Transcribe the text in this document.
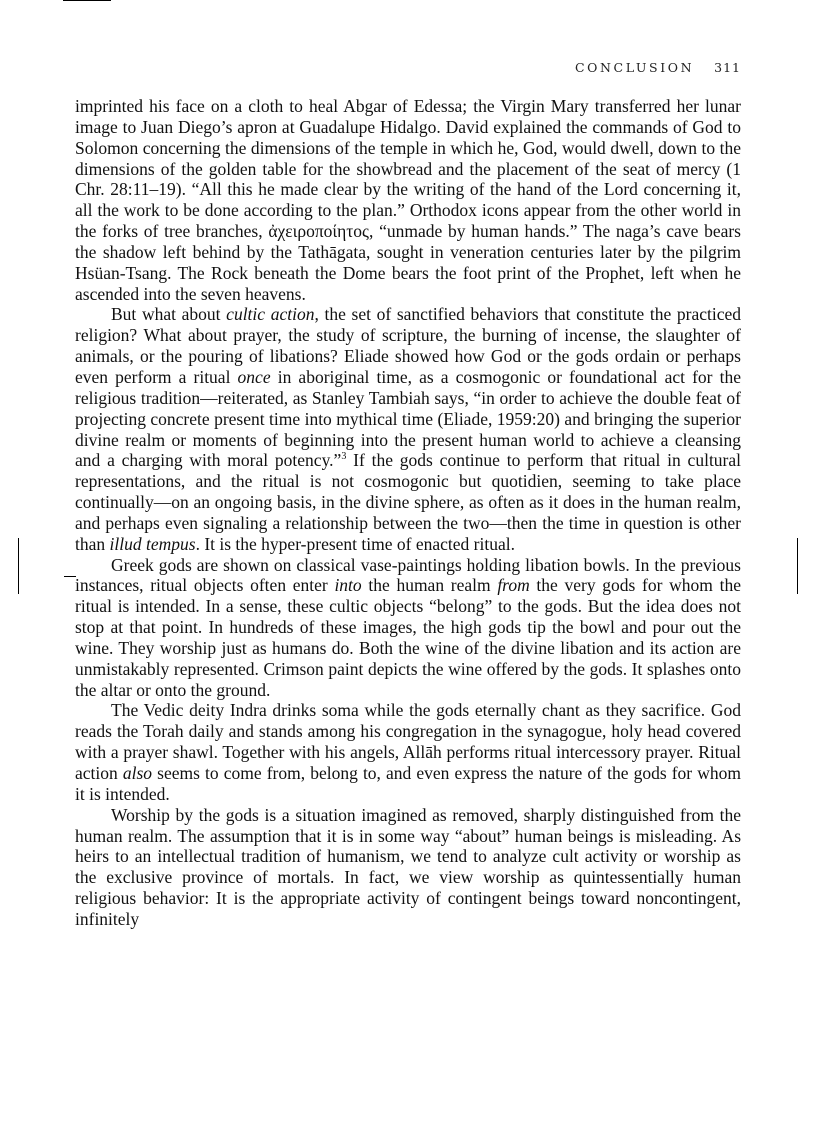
CONCLUSION 311

imprinted his face on a cloth to heal Abgar of Edessa; the Virgin Mary transferred her lunar image to Juan Diego’s apron at Guadalupe Hidalgo. David explained the commands of God to Solomon concerning the dimensions of the temple in which he, God, would dwell, down to the dimensions of the golden table for the showbread and the placement of the seat of mercy (1 Chr. 28:11–19). “All this he made clear by the writing of the hand of the Lord concerning it, all the work to be done according to the plan.” Orthodox icons appear from the other world in the forks of tree branches, ἀχειροποίητος, “unmade by human hands.” The naga’s cave bears the shadow left behind by the Tathāgata, sought in veneration centuries later by the pilgrim Hsüan-Tsang. The Rock beneath the Dome bears the foot print of the Prophet, left when he ascended into the seven heavens.

But what about cultic action, the set of sanctified behaviors that constitute the practiced religion? What about prayer, the study of scripture, the burning of incense, the slaughter of animals, or the pouring of libations? Eliade showed how God or the gods ordain or perhaps even perform a ritual once in aboriginal time, as a cosmogonic or foundational act for the religious tradition—reiterated, as Stanley Tambiah says, “in order to achieve the double feat of projecting concrete present time into mythical time (Eliade, 1959:20) and bringing the superior divine realm or moments of beginning into the present human world to achieve a cleansing and a charging with moral potency.”$^3$ If the gods continue to perform that ritual in cultural representations, and the ritual is not cosmogonic but quotidien, seeming to take place continually—on an ongoing basis, in the divine sphere, as often as it does in the human realm, and perhaps even signaling a relationship between the two—then the time in question is other than illud tempus. It is the hyper-present time of enacted ritual.

Greek gods are shown on classical vase-paintings holding libation bowls. In the previous instances, ritual objects often enter into the human realm from the very gods for whom the ritual is intended. In a sense, these cultic objects “belong” to the gods. But the idea does not stop at that point. In hundreds of these images, the high gods tip the bowl and pour out the wine. They worship just as humans do. Both the wine of the divine libation and its action are unmistakably represented. Crimson paint depicts the wine offered by the gods. It splashes onto the altar or onto the ground.

The Vedic deity Indra drinks soma while the gods eternally chant as they sacrifice. God reads the Torah daily and stands among his congregation in the synagogue, holy head covered with a prayer shawl. Together with his angels, Allāh performs ritual intercessory prayer. Ritual action also seems to come from, belong to, and even express the nature of the gods for whom it is intended.

Worship by the gods is a situation imagined as removed, sharply distinguished from the human realm. The assumption that it is in some way “about” human beings is misleading. As heirs to an intellectual tradition of humanism, we tend to analyze cult activity or worship as the exclusive province of mortals. In fact, we view worship as quintessentially human religious behavior: It is the appropriate activity of contingent beings toward noncontingent, infinitely
